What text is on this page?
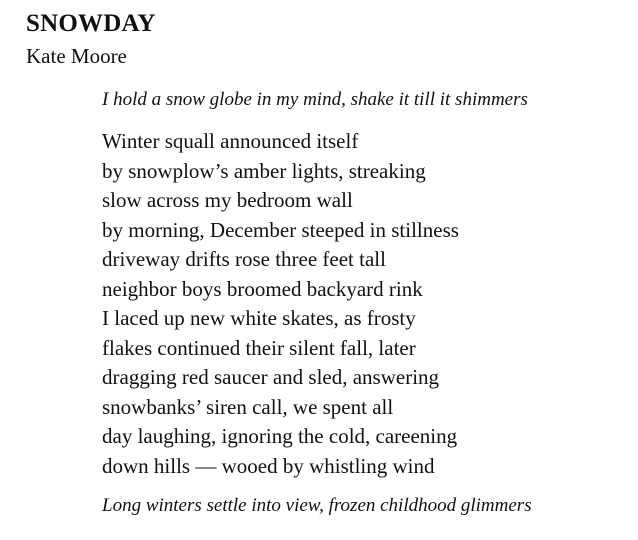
SNOWDAY
Kate Moore
I hold a snow globe in my mind, shake it till it shimmers
Winter squall announced itself
by snowplow’s amber lights, streaking
slow across my bedroom wall
by morning, December steeped in stillness
driveway drifts rose three feet tall
neighbor boys broomed backyard rink
I laced up new white skates, as frosty
flakes continued their silent fall, later
dragging red saucer and sled, answering
snowbanks’ siren call, we spent all
day laughing, ignoring the cold, careening
down hills — wooed by whistling wind
Long winters settle into view, frozen childhood glimmers
